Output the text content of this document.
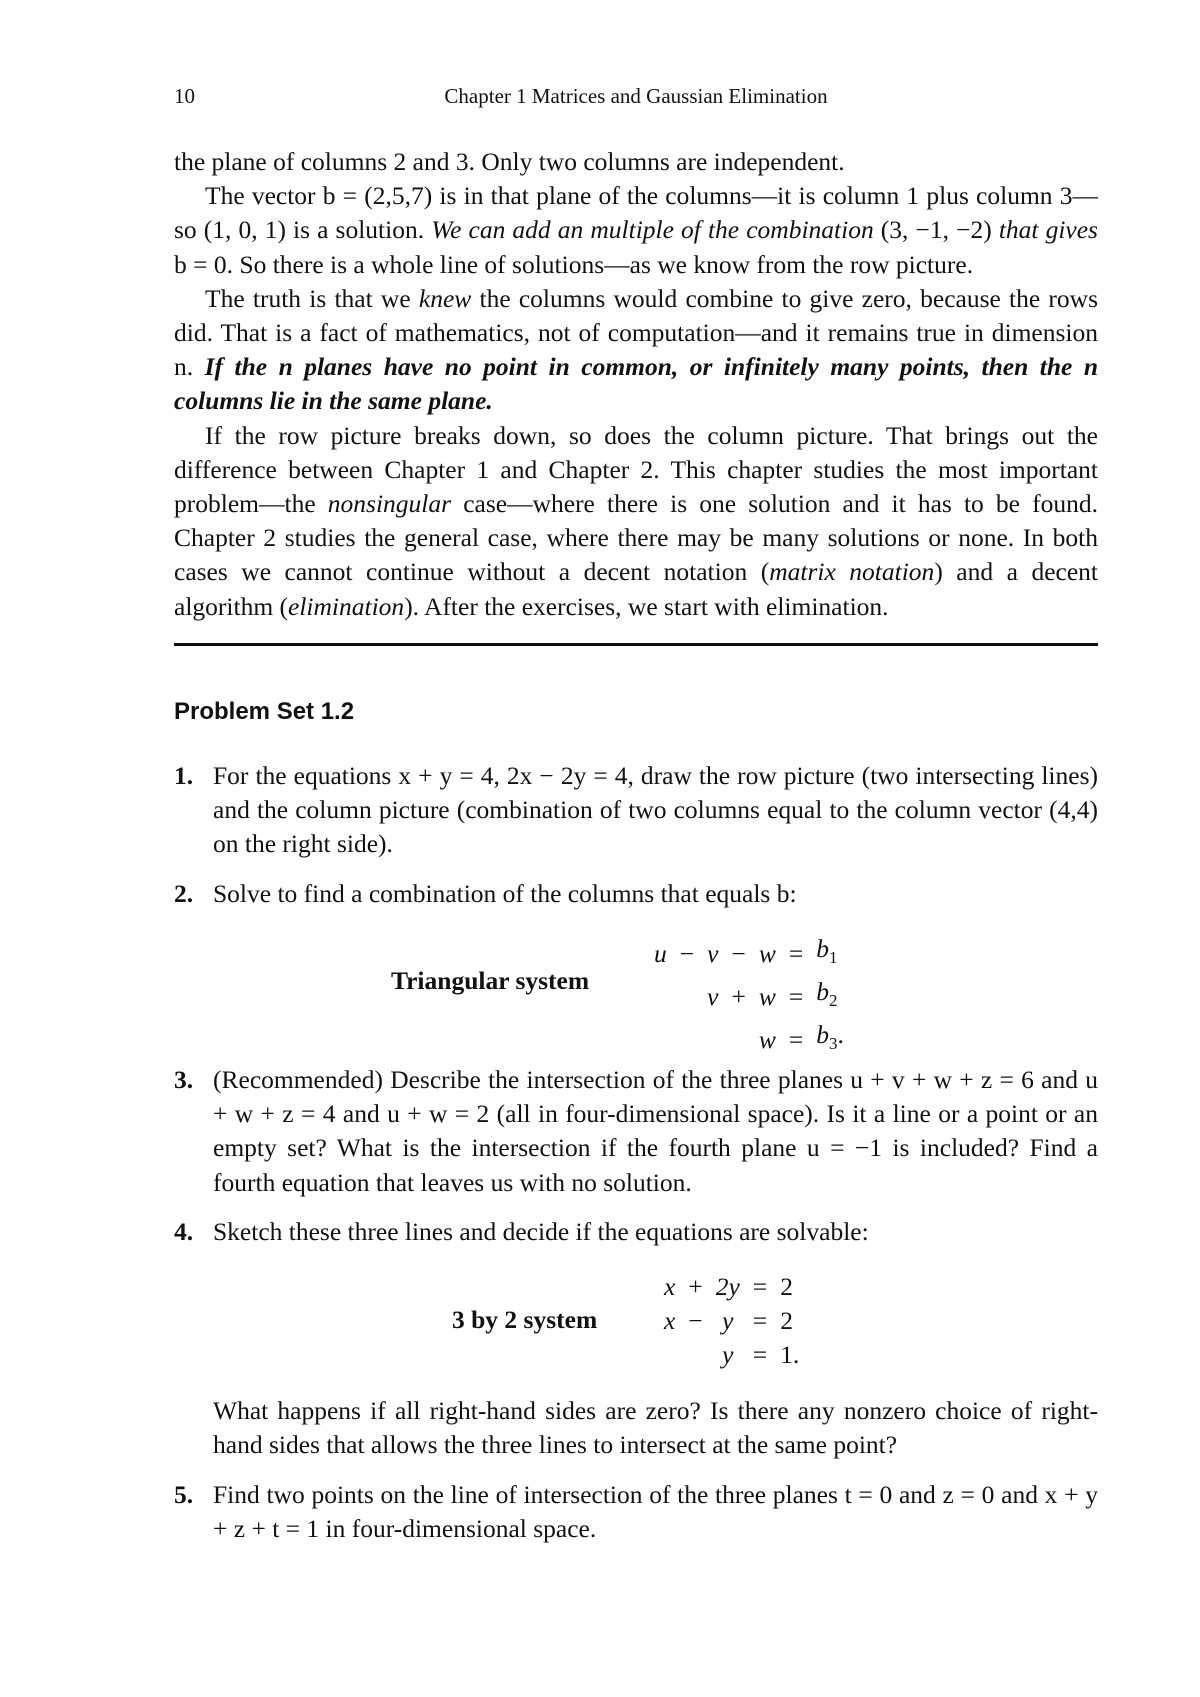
10	Chapter 1 Matrices and Gaussian Elimination

the plane of columns 2 and 3. Only two columns are independent.

The vector b = (2,5,7) is in that plane of the columns—it is column 1 plus column 3—so (1, 0, 1) is a solution. We can add an multiple of the combination (3, −1, −2) that gives b = 0. So there is a whole line of solutions—as we know from the row picture.

The truth is that we knew the columns would combine to give zero, because the rows did. That is a fact of mathematics, not of computation—and it remains true in dimension n. If the n planes have no point in common, or infinitely many points, then the n columns lie in the same plane.

If the row picture breaks down, so does the column picture. That brings out the difference between Chapter 1 and Chapter 2. This chapter studies the most important problem—the nonsingular case—where there is one solution and it has to be found. Chapter 2 studies the general case, where there may be many solutions or none. In both cases we cannot continue without a decent notation (matrix notation) and a decent algorithm (elimination). After the exercises, we start with elimination.

Problem Set 1.2
1. For the equations x + y = 4, 2x − 2y = 4, draw the row picture (two intersecting lines) and the column picture (combination of two columns equal to the column vector (4,4) on the right side).

2. Solve to find a combination of the columns that equals b:

Triangular system
u	−	v	−	w	=	$b_1$
		v	+	w	=	$b_2$
				w	=	$b_3$.
3. (Recommended) Describe the intersection of the three planes u + v + w + z = 6 and u + w + z = 4 and u + w = 2 (all in four-dimensional space). Is it a line or a point or an empty set? What is the intersection if the fourth plane u = −1 is included? Find a fourth equation that leaves us with no solution.

4. Sketch these three lines and decide if the equations are solvable:

3 by 2 system
x	+	2y	=	2
x	−	y	=	2
		y	=	1.

What happens if all right-hand sides are zero? Is there any nonzero choice of right-hand sides that allows the three lines to intersect at the same point?

5. Find two points on the line of intersection of the three planes t = 0 and z = 0 and x + y + z + t = 1 in four-dimensional space.
